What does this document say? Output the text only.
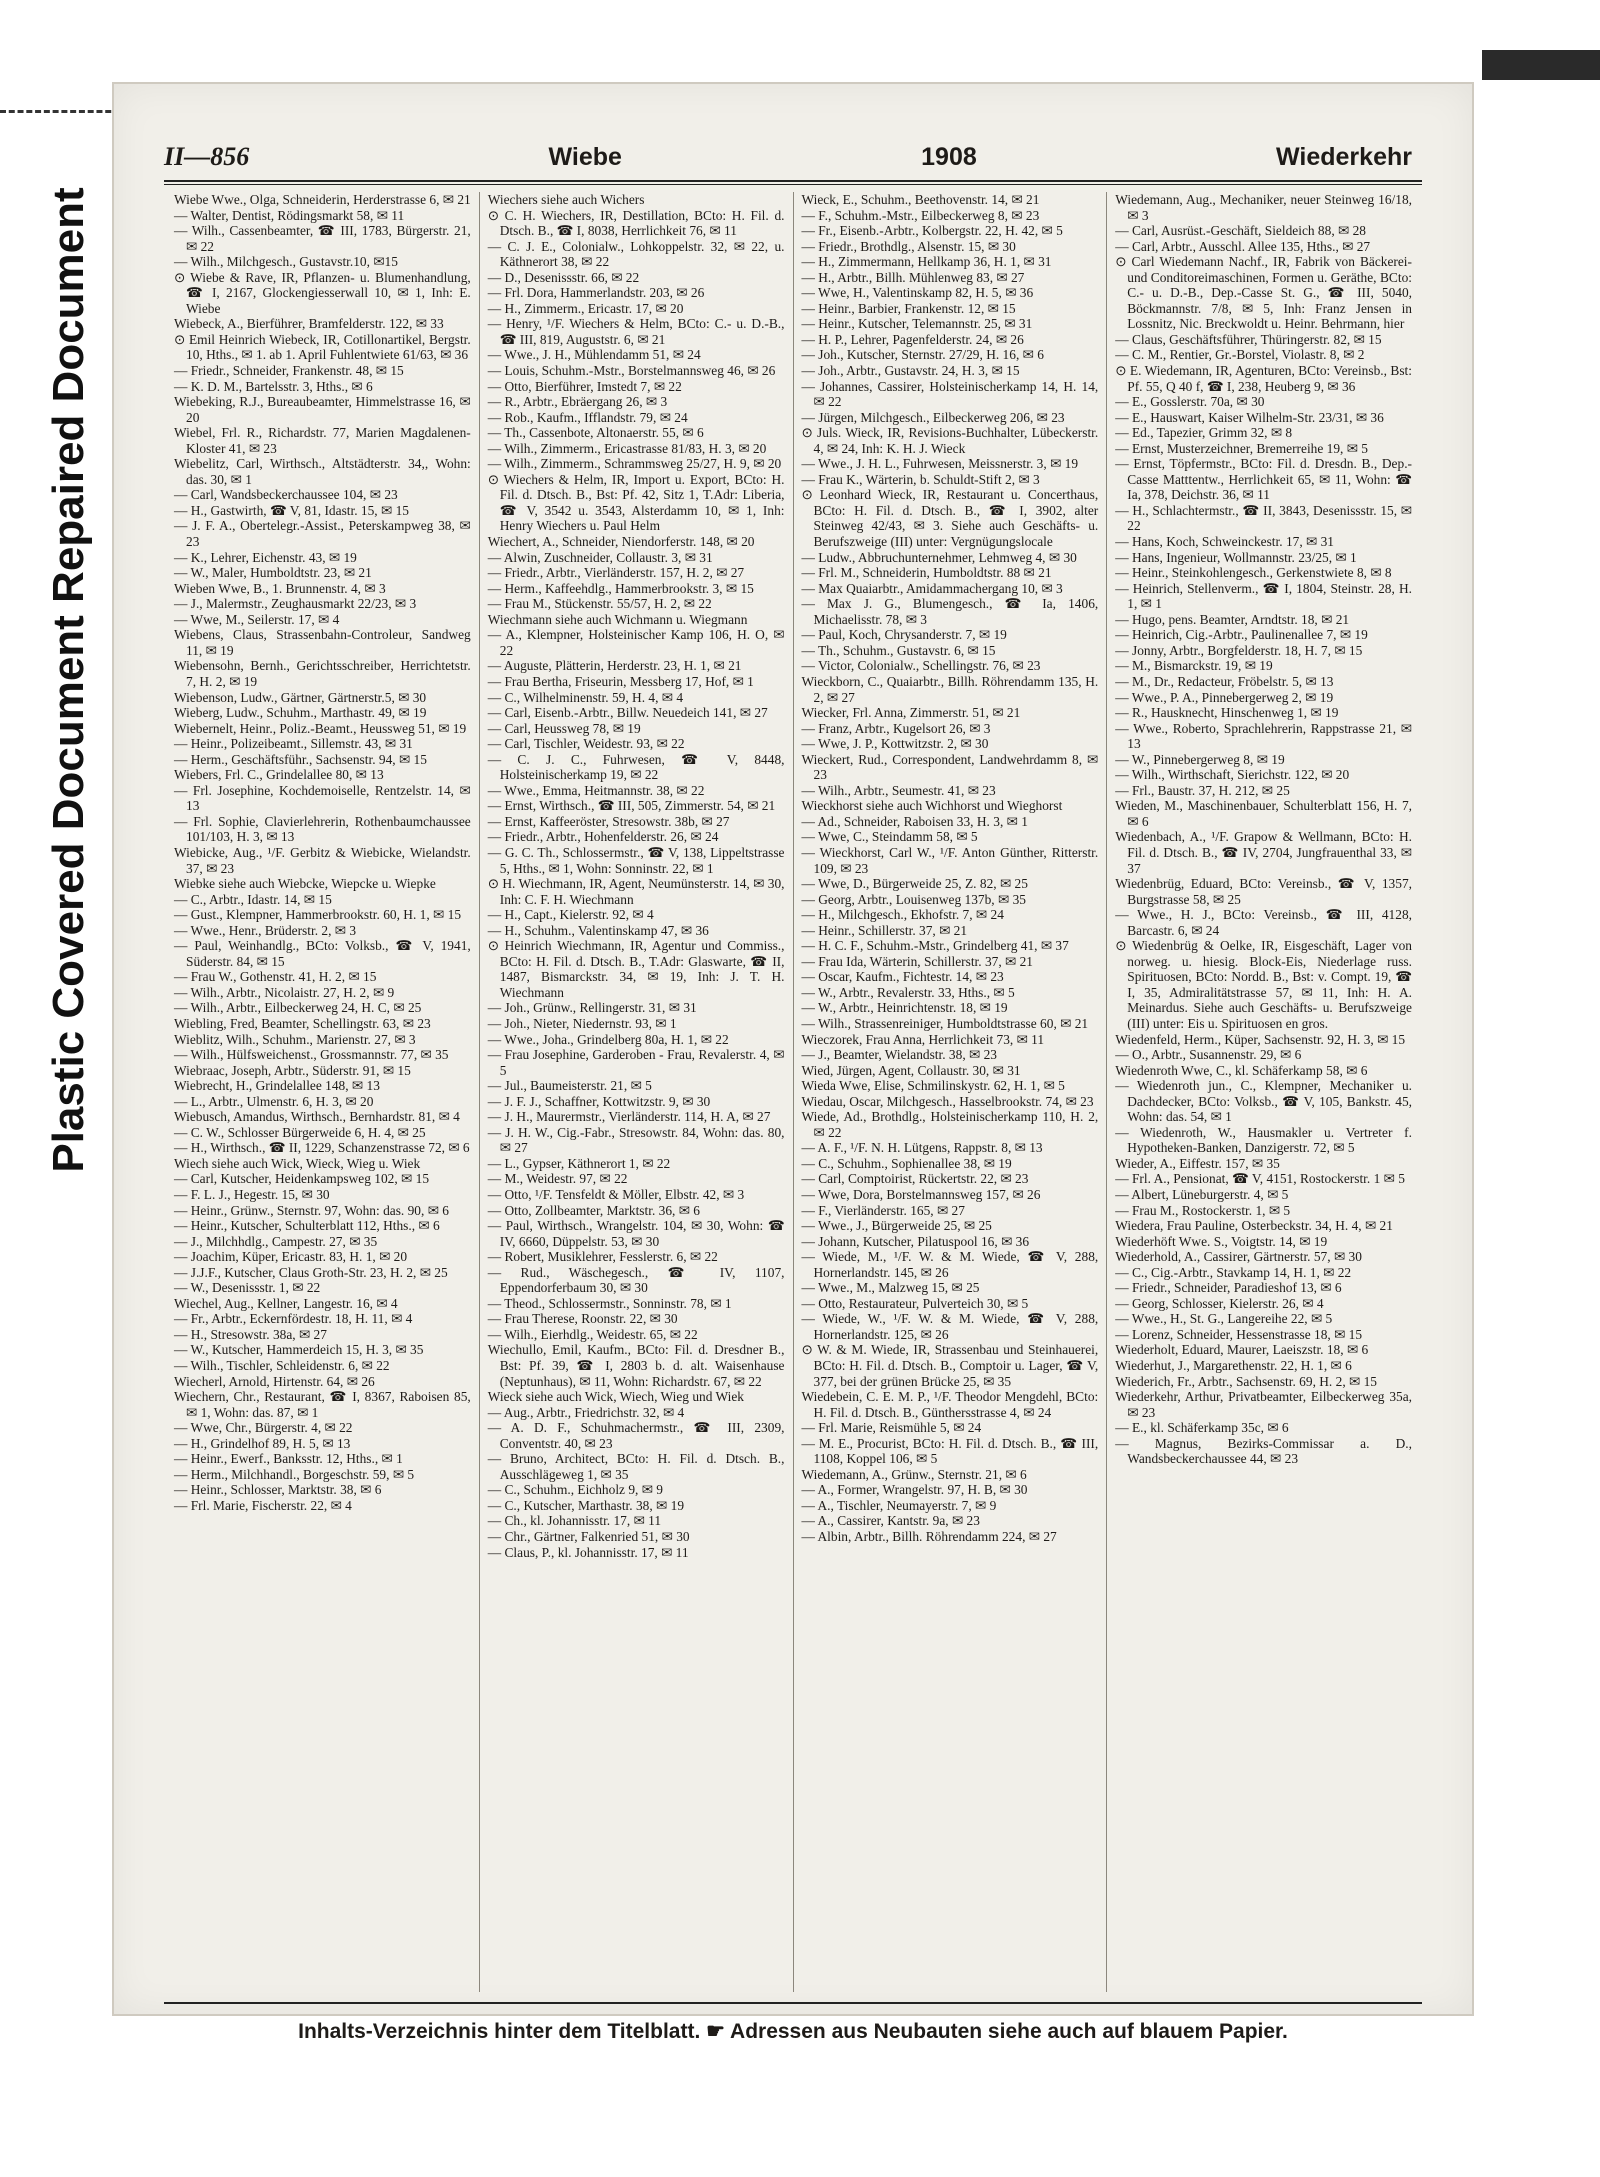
Plastic Covered Document Repaired Document
II—856	Wiebe	1908	Wiederkehr

Wiebe Wwe., Olga, Schneiderin, Herderstrasse 6, ✉ 21

— Walter, Dentist, Rödingsmarkt 58, ✉ 11

— Wilh., Cassenbeamter, ☎ III, 1783, Bürgerstr. 21, ✉ 22

— Wilh., Milchgesch., Gustavstr.10, ✉15

⊙ Wiebe & Rave, IR, Pflanzen- u. Blumenhandlung, ☎ I, 2167, Glockengiesserwall 10, ✉ 1, Inh: E. Wiebe

Wiebeck, A., Bierführer, Bramfelderstr. 122, ✉ 33

⊙ Emil Heinrich Wiebeck, IR, Cotillonartikel, Bergstr. 10, Hths., ✉ 1. ab 1. April Fuhlentwiete 61/63, ✉ 36

— Friedr., Schneider, Frankenstr. 48, ✉ 15

— K. D. M., Bartelsstr. 3, Hths., ✉ 6

Wiebeking, R.J., Bureaubeamter, Himmelstrasse 16, ✉ 20

Wiebel, Frl. R., Richardstr. 77, Marien Magdalenen-Kloster 41, ✉ 23

Wiebelitz, Carl, Wirthsch., Altstädterstr. 34,, Wohn: das. 30, ✉ 1

— Carl, Wandsbeckerchaussee 104, ✉ 23

— H., Gastwirth, ☎ V, 81, Idastr. 15, ✉ 15

— J. F. A., Obertelegr.-Assist., Peterskampweg 38, ✉ 23

— K., Lehrer, Eichenstr. 43, ✉ 19

— W., Maler, Humboldtstr. 23, ✉ 21

Wieben Wwe, B., 1. Brunnenstr. 4, ✉ 3

— J., Malermstr., Zeughausmarkt 22/23, ✉ 3

— Wwe, M., Seilerstr. 17, ✉ 4

Wiebens, Claus, Strassenbahn-Controleur, Sandweg 11, ✉ 19

Wiebensohn, Bernh., Gerichtsschreiber, Herrichtetstr. 7, H. 2, ✉ 19

Wiebenson, Ludw., Gärtner, Gärtnerstr.5, ✉ 30

Wieberg, Ludw., Schuhm., Marthastr. 49, ✉ 19

Wiebernelt, Heinr., Poliz.-Beamt., Heussweg 51, ✉ 19

— Heinr., Polizeibeamt., Sillemstr. 43, ✉ 31

— Herm., Geschäftsführ., Sachsenstr. 94, ✉ 15

Wiebers, Frl. C., Grindelallee 80, ✉ 13

— Frl. Josephine, Kochdemoiselle, Rentzelstr. 14, ✉ 13

— Frl. Sophie, Clavierlehrerin, Rothenbaumchaussee 101/103, H. 3, ✉ 13

Wiebicke, Aug., ¹/F. Gerbitz & Wiebicke, Wielandstr. 37, ✉ 23

Wiebke siehe auch Wiebcke, Wiepcke u. Wiepke

— C., Arbtr., Idastr. 14, ✉ 15

— Gust., Klempner, Hammerbrookstr. 60, H. 1, ✉ 15

— Wwe., Henr., Brüderstr. 2, ✉ 3

— Paul, Weinhandlg., BCto: Volksb., ☎ V, 1941, Süderstr. 84, ✉ 15

— Frau W., Gothenstr. 41, H. 2, ✉ 15

— Wilh., Arbtr., Nicolaistr. 27, H. 2, ✉ 9

— Wilh., Arbtr., Eilbeckerweg 24, H. C, ✉ 25

Wiebling, Fred, Beamter, Schellingstr. 63, ✉ 23

Wieblitz, Wilh., Schuhm., Marienstr. 27, ✉ 3

— Wilh., Hülfsweichenst., Grossmannstr. 77, ✉ 35

Wiebraac, Joseph, Arbtr., Süderstr. 91, ✉ 15

Wiebrecht, H., Grindelallee 148, ✉ 13

— L., Arbtr., Ulmenstr. 6, H. 3, ✉ 20

Wiebusch, Amandus, Wirthsch., Bernhardstr. 81, ✉ 4

— C. W., Schlosser Bürgerweide 6, H. 4, ✉ 25

— H., Wirthsch., ☎ II, 1229, Schanzenstrasse 72, ✉ 6

Wiech siehe auch Wick, Wieck, Wieg u. Wiek

— Carl, Kutscher, Heidenkampsweg 102, ✉ 15

— F. L. J., Hegestr. 15, ✉ 30

— Heinr., Grünw., Sternstr. 97, Wohn: das. 90, ✉ 6

— Heinr., Kutscher, Schulterblatt 112, Hths., ✉ 6

— J., Milchhdlg., Campestr. 27, ✉ 35

— Joachim, Küper, Ericastr. 83, H. 1, ✉ 20

— J.J.F., Kutscher, Claus Groth-Str. 23, H. 2, ✉ 25

— W., Desenissstr. 1, ✉ 22

Wiechel, Aug., Kellner, Langestr. 16, ✉ 4

— Fr., Arbtr., Eckernfördestr. 18, H. 11, ✉ 4

— H., Stresowstr. 38a, ✉ 27

— W., Kutscher, Hammerdeich 15, H. 3, ✉ 35

— Wilh., Tischler, Schleidenstr. 6, ✉ 22

Wiecherl, Arnold, Hirtenstr. 64, ✉ 26

Wiechern, Chr., Restaurant, ☎ I, 8367, Raboisen 85, ✉ 1, Wohn: das. 87, ✉ 1

— Wwe, Chr., Bürgerstr. 4, ✉ 22

— H., Grindelhof 89, H. 5, ✉ 13

— Heinr., Ewerf., Banksstr. 12, Hths., ✉ 1

— Herm., Milchhandl., Borgeschstr. 59, ✉ 5

— Heinr., Schlosser, Marktstr. 38, ✉ 6

— Frl. Marie, Fischerstr. 22, ✉ 4

Wiechers siehe auch Wichers

⊙ C. H. Wiechers, IR, Destillation, BCto: H. Fil. d. Dtsch. B., ☎ I, 8038, Herrlichkeit 76, ✉ 11

— C. J. E., Colonialw., Lohkoppelstr. 32, ✉ 22, u. Käthnerort 38, ✉ 22

— D., Desenissstr. 66, ✉ 22

— Frl. Dora, Hammerlandstr. 203, ✉ 26

— H., Zimmerm., Ericastr. 17, ✉ 20

— Henry, ¹/F. Wiechers & Helm, BCto: C.- u. D.-B., ☎ III, 819, Auguststr. 6, ✉ 21

— Wwe., J. H., Mühlendamm 51, ✉ 24

— Louis, Schuhm.-Mstr., Borstelmannsweg 46, ✉ 26

— Otto, Bierführer, Imstedt 7, ✉ 22

— R., Arbtr., Ebräergang 26, ✉ 3

— Rob., Kaufm., Ifflandstr. 79, ✉ 24

— Th., Cassenbote, Altonaerstr. 55, ✉ 6

— Wilh., Zimmerm., Ericastrasse 81/83, H. 3, ✉ 20

— Wilh., Zimmerm., Schrammsweg 25/27, H. 9, ✉ 20

⊙ Wiechers & Helm, IR, Import u. Export, BCto: H. Fil. d. Dtsch. B., Bst: Pf. 42, Sitz 1, T.Adr: Liberia, ☎ V, 3542 u. 3543, Alsterdamm 10, ✉ 1, Inh: Henry Wiechers u. Paul Helm

Wiechert, A., Schneider, Niendorferstr. 148, ✉ 20

— Alwin, Zuschneider, Collaustr. 3, ✉ 31

— Friedr., Arbtr., Vierländerstr. 157, H. 2, ✉ 27

— Herm., Kaffeehdlg., Hammerbrookstr. 3, ✉ 15

— Frau M., Stückenstr. 55/57, H. 2, ✉ 22

Wiechmann siehe auch Wichmann u. Wiegmann

— A., Klempner, Holsteinischer Kamp 106, H. O, ✉ 22

— Auguste, Plätterin, Herderstr. 23, H. 1, ✉ 21

— Frau Bertha, Friseurin, Messberg 17, Hof, ✉ 1

— C., Wilhelminenstr. 59, H. 4, ✉ 4

— Carl, Eisenb.-Arbtr., Billw. Neuedeich 141, ✉ 27

— Carl, Heussweg 78, ✉ 19

— Carl, Tischler, Weidestr. 93, ✉ 22

— C. J. C., Fuhrwesen, ☎ V, 8448, Holsteinischerkamp 19, ✉ 22

— Wwe., Emma, Heitmannstr. 38, ✉ 22

— Ernst, Wirthsch., ☎ III, 505, Zimmerstr. 54, ✉ 21

— Ernst, Kaffeeröster, Stresowstr. 38b, ✉ 27

— Friedr., Arbtr., Hohenfelderstr. 26, ✉ 24

— G. C. Th., Schlossermstr., ☎ V, 138, Lippeltstrasse 5, Hths., ✉ 1, Wohn: Sonninstr. 22, ✉ 1

⊙ H. Wiechmann, IR, Agent, Neumünsterstr. 14, ✉ 30, Inh: C. F. H. Wiechmann

— H., Capt., Kielerstr. 92, ✉ 4

— H., Schuhm., Valentinskamp 47, ✉ 36

⊙ Heinrich Wiechmann, IR, Agentur und Commiss., BCto: H. Fil. d. Dtsch. B., T.Adr: Glaswarte, ☎ II, 1487, Bismarckstr. 34, ✉ 19, Inh: J. T. H. Wiechmann

— Joh., Grünw., Rellingerstr. 31, ✉ 31

— Joh., Nieter, Niedernstr. 93, ✉ 1

— Wwe., Joha., Grindelberg 80a, H. 1, ✉ 22

— Frau Josephine, Garderoben - Frau, Revalerstr. 4, ✉ 5

— Jul., Baumeisterstr. 21, ✉ 5

— J. F. J., Schaffner, Kottwitzstr. 9, ✉ 30

— J. H., Maurermstr., Vierländerstr. 114, H. A, ✉ 27

— J. H. W., Cig.-Fabr., Stresowstr. 84, Wohn: das. 80, ✉ 27

— L., Gypser, Käthnerort 1, ✉ 22

— M., Weidestr. 97, ✉ 22

— Otto, ¹/F. Tensfeldt & Möller, Elbstr. 42, ✉ 3

— Otto, Zollbeamter, Marktstr. 36, ✉ 6

— Paul, Wirthsch., Wrangelstr. 104, ✉ 30, Wohn: ☎ IV, 6660, Düppelstr. 53, ✉ 30

— Robert, Musiklehrer, Fesslerstr. 6, ✉ 22

— Rud., Wäschegesch., ☎ IV, 1107, Eppendorferbaum 30, ✉ 30

— Theod., Schlossermstr., Sonninstr. 78, ✉ 1

— Frau Therese, Roonstr. 22, ✉ 30

— Wilh., Eierhdlg., Weidestr. 65, ✉ 22

Wiechullo, Emil, Kaufm., BCto: Fil. d. Dresdner B., Bst: Pf. 39, ☎ I, 2803 b. d. alt. Waisenhause (Neptunhaus), ✉ 11, Wohn: Richardstr. 67, ✉ 22

Wieck siehe auch Wick, Wiech, Wieg und Wiek

— Aug., Arbtr., Friedrichstr. 32, ✉ 4

— A. D. F., Schuhmachermstr., ☎ III, 2309, Conventstr. 40, ✉ 23

— Bruno, Architect, BCto: H. Fil. d. Dtsch. B., Ausschlägeweg 1, ✉ 35

— C., Schuhm., Eichholz 9, ✉ 9

— C., Kutscher, Marthastr. 38, ✉ 19

— Ch., kl. Johannisstr. 17, ✉ 11

— Chr., Gärtner, Falkenried 51, ✉ 30

— Claus, P., kl. Johannisstr. 17, ✉ 11

Wieck, E., Schuhm., Beethovenstr. 14, ✉ 21

— F., Schuhm.-Mstr., Eilbeckerweg 8, ✉ 23

— Fr., Eisenb.-Arbtr., Kolbergstr. 22, H. 42, ✉ 5

— Friedr., Brothdlg., Alsenstr. 15, ✉ 30

— H., Zimmermann, Hellkamp 36, H. 1, ✉ 31

— H., Arbtr., Billh. Mühlenweg 83, ✉ 27

— Wwe, H., Valentinskamp 82, H. 5, ✉ 36

— Heinr., Barbier, Frankenstr. 12, ✉ 15

— Heinr., Kutscher, Telemannstr. 25, ✉ 31

— H. P., Lehrer, Pagenfelderstr. 24, ✉ 26

— Joh., Kutscher, Sternstr. 27/29, H. 16, ✉ 6

— Joh., Arbtr., Gustavstr. 24, H. 3, ✉ 15

— Johannes, Cassirer, Holsteinischerkamp 14, H. 14, ✉ 22

— Jürgen, Milchgesch., Eilbeckerweg 206, ✉ 23

⊙ Juls. Wieck, IR, Revisions-Buchhalter, Lübeckerstr. 4, ✉ 24, Inh: K. H. J. Wieck

— Wwe., J. H. L., Fuhrwesen, Meissnerstr. 3, ✉ 19

— Frau K., Wärterin, b. Schuldt-Stift 2, ✉ 3

⊙ Leonhard Wieck, IR, Restaurant u. Concerthaus, BCto: H. Fil. d. Dtsch. B., ☎ I, 3902, alter Steinweg 42/43, ✉ 3. Siehe auch Geschäfts- u. Berufszweige (III) unter: Vergnügungslocale

— Ludw., Abbruchunternehmer, Lehmweg 4, ✉ 30

— Frl. M., Schneiderin, Humboldtstr. 88 ✉ 21

— Max Quaiarbtr., Amidammachergang 10, ✉ 3

— Max J. G., Blumengesch., ☎ Ia, 1406, Michaelisstr. 78, ✉ 3

— Paul, Koch, Chrysanderstr. 7, ✉ 19

— Th., Schuhm., Gustavstr. 6, ✉ 15

— Victor, Colonialw., Schellingstr. 76, ✉ 23

Wieckborn, C., Quaiarbtr., Billh. Röhrendamm 135, H. 2, ✉ 27

Wiecker, Frl. Anna, Zimmerstr. 51, ✉ 21

— Franz, Arbtr., Kugelsort 26, ✉ 3

— Wwe, J. P., Kottwitzstr. 2, ✉ 30

Wieckert, Rud., Correspondent, Landwehrdamm 8, ✉ 23

— Wilh., Arbtr., Seumestr. 41, ✉ 23

Wieckhorst siehe auch Wichhorst und Wieghorst

— Ad., Schneider, Raboisen 33, H. 3, ✉ 1

— Wwe, C., Steindamm 58, ✉ 5

— Wieckhorst, Carl W., ¹/F. Anton Günther, Ritterstr. 109, ✉ 23

— Wwe, D., Bürgerweide 25, Z. 82, ✉ 25

— Georg, Arbtr., Louisenweg 137b, ✉ 35

— H., Milchgesch., Ekhofstr. 7, ✉ 24

— Heinr., Schillerstr. 37, ✉ 21

— H. C. F., Schuhm.-Mstr., Grindelberg 41, ✉ 37

— Frau Ida, Wärterin, Schillerstr. 37, ✉ 21

— Oscar, Kaufm., Fichtestr. 14, ✉ 23

— W., Arbtr., Revalerstr. 33, Hths., ✉ 5

— W., Arbtr., Heinrichtenstr. 18, ✉ 19

— Wilh., Strassenreiniger, Humboldtstrasse 60, ✉ 21

Wieczorek, Frau Anna, Herrlichkeit 73, ✉ 11

— J., Beamter, Wielandstr. 38, ✉ 23

Wied, Jürgen, Agent, Collaustr. 30, ✉ 31

Wieda Wwe, Elise, Schmilinskystr. 62, H. 1, ✉ 5

Wiedau, Oscar, Milchgesch., Hasselbrookstr. 74, ✉ 23

Wiede, Ad., Brothdlg., Holsteinischerkamp 110, H. 2, ✉ 22

— A. F., ¹/F. N. H. Lütgens, Rappstr. 8, ✉ 13

— C., Schuhm., Sophienallee 38, ✉ 19

— Carl, Comptoirist, Rückertstr. 22, ✉ 23

— Wwe, Dora, Borstelmannsweg 157, ✉ 26

— F., Vierländerstr. 165, ✉ 27

— Wwe., J., Bürgerweide 25, ✉ 25

— Johann, Kutscher, Pilatuspool 16, ✉ 36

— Wiede, M., ¹/F. W. & M. Wiede, ☎ V, 288, Hornerlandstr. 145, ✉ 26

— Wwe., M., Malzweg 15, ✉ 25

— Otto, Restaurateur, Pulverteich 30, ✉ 5

— Wiede, W., ¹/F. W. & M. Wiede, ☎ V, 288, Hornerlandstr. 125, ✉ 26

⊙ W. & M. Wiede, IR, Strassenbau und Steinhauerei, BCto: H. Fil. d. Dtsch. B., Comptoir u. Lager, ☎ V, 377, bei der grünen Brücke 25, ✉ 35

Wiedebein, C. E. M. P., ¹/F. Theodor Mengdehl, BCto: H. Fil. d. Dtsch. B., Günthersstrasse 4, ✉ 24

— Frl. Marie, Reismühle 5, ✉ 24

— M. E., Procurist, BCto: H. Fil. d. Dtsch. B., ☎ III, 1108, Koppel 106, ✉ 5

Wiedemann, A., Grünw., Sternstr. 21, ✉ 6

— A., Former, Wrangelstr. 97, H. B, ✉ 30

— A., Tischler, Neumayerstr. 7, ✉ 9

— A., Cassirer, Kantstr. 9a, ✉ 23

— Albin, Arbtr., Billh. Röhrendamm 224, ✉ 27

Wiedemann, Aug., Mechaniker, neuer Steinweg 16/18, ✉ 3

— Carl, Ausrüst.-Geschäft, Sieldeich 88, ✉ 28

— Carl, Arbtr., Ausschl. Allee 135, Hths., ✉ 27

⊙ Carl Wiedemann Nachf., IR, Fabrik von Bäckerei- und Conditoreimaschinen, Formen u. Geräthe, BCto: C.- u. D.-B., Dep.-Casse St. G., ☎ III, 5040, Böckmannstr. 7/8, ✉ 5, Inh: Franz Jensen in Lossnitz, Nic. Breckwoldt u. Heinr. Behrmann, hier

— Claus, Geschäftsführer, Thüringerstr. 82, ✉ 15

— C. M., Rentier, Gr.-Borstel, Violastr. 8, ✉ 2

⊙ E. Wiedemann, IR, Agenturen, BCto: Vereinsb., Bst: Pf. 55, Q 40 f, ☎ I, 238, Heuberg 9, ✉ 36

— E., Gosslerstr. 70a, ✉ 30

— E., Hauswart, Kaiser Wilhelm-Str. 23/31, ✉ 36

— Ed., Tapezier, Grimm 32, ✉ 8

— Ernst, Musterzeichner, Bremerreihe 19, ✉ 5

— Ernst, Töpfermstr., BCto: Fil. d. Dresdn. B., Dep.-Casse Matttentw., Herrlichkeit 65, ✉ 11, Wohn: ☎ Ia, 378, Deichstr. 36, ✉ 11

— H., Schlachtermstr., ☎ II, 3843, Desenissstr. 15, ✉ 22

— Hans, Koch, Schweinckestr. 17, ✉ 31

— Hans, Ingenieur, Wollmannstr. 23/25, ✉ 1

— Heinr., Steinkohlengesch., Gerkenstwiete 8, ✉ 8

— Heinrich, Stellenverm., ☎ I, 1804, Steinstr. 28, H. 1, ✉ 1

— Hugo, pens. Beamter, Arndtstr. 18, ✉ 21

— Heinrich, Cig.-Arbtr., Paulinenallee 7, ✉ 19

— Jonny, Arbtr., Borgfelderstr. 18, H. 7, ✉ 15

— M., Bismarckstr. 19, ✉ 19

— M., Dr., Redacteur, Fröbelstr. 5, ✉ 13

— Wwe., P. A., Pinnebergerweg 2, ✉ 19

— R., Hausknecht, Hinschenweg 1, ✉ 19

— Wwe., Roberto, Sprachlehrerin, Rappstrasse 21, ✉ 13

— W., Pinnebergerweg 8, ✉ 19

— Wilh., Wirthschaft, Sierichstr. 122, ✉ 20

— Frl., Baustr. 37, H. 212, ✉ 25

Wieden, M., Maschinenbauer, Schulterblatt 156, H. 7, ✉ 6

Wiedenbach, A., ¹/F. Grapow & Wellmann, BCto: H. Fil. d. Dtsch. B., ☎ IV, 2704, Jungfrauenthal 33, ✉ 37

Wiedenbrüg, Eduard, BCto: Vereinsb., ☎ V, 1357, Burgstrasse 58, ✉ 25

— Wwe., H. J., BCto: Vereinsb., ☎ III, 4128, Barcastr. 6, ✉ 24

⊙ Wiedenbrüg & Oelke, IR, Eisgeschäft, Lager von norweg. u. hiesig. Block-Eis, Niederlage russ. Spirituosen, BCto: Nordd. B., Bst: v. Compt. 19, ☎ I, 35, Admiralitätstrasse 57, ✉ 11, Inh: H. A. Meinardus. Siehe auch Geschäfts- u. Berufszweige (III) unter: Eis u. Spirituosen en gros.

Wiedenfeld, Herm., Küper, Sachsenstr. 92, H. 3, ✉ 15

— O., Arbtr., Susannenstr. 29, ✉ 6

Wiedenroth Wwe, C., kl. Schäferkamp 58, ✉ 6

— Wiedenroth jun., C., Klempner, Mechaniker u. Dachdecker, BCto: Volksb., ☎ V, 105, Bankstr. 45, Wohn: das. 54, ✉ 1

— Wiedenroth, W., Hausmakler u. Vertreter f. Hypotheken-Banken, Danzigerstr. 72, ✉ 5

Wieder, A., Eiffestr. 157, ✉ 35

— Frl. A., Pensionat, ☎ V, 4151, Rostockerstr. 1 ✉ 5

— Albert, Lüneburgerstr. 4, ✉ 5

— Frau M., Rostockerstr. 1, ✉ 5

Wiedera, Frau Pauline, Osterbeckstr. 34, H. 4, ✉ 21

Wiederhöft Wwe. S., Voigtstr. 14, ✉ 19

Wiederhold, A., Cassirer, Gärtnerstr. 57, ✉ 30

— C., Cig.-Arbtr., Stavkamp 14, H. 1, ✉ 22

— Friedr., Schneider, Paradieshof 13, ✉ 6

— Georg, Schlosser, Kielerstr. 26, ✉ 4

— Wwe., H., St. G., Langereihe 22, ✉ 5

— Lorenz, Schneider, Hessenstrasse 18, ✉ 15

Wiederholt, Eduard, Maurer, Laeiszstr. 18, ✉ 6

Wiederhut, J., Margarethenstr. 22, H. 1, ✉ 6

Wiederich, Fr., Arbtr., Sachsenstr. 69, H. 2, ✉ 15

Wiederkehr, Arthur, Privatbeamter, Eilbeckerweg 35a, ✉ 23

— E., kl. Schäferkamp 35c, ✉ 6

— Magnus, Bezirks-Commissar a. D., Wandsbeckerchaussee 44, ✉ 23

Inhalts-Verzeichnis hinter dem Titelblatt. ☛ Adressen aus Neubauten siehe auch auf blauem Papier.
